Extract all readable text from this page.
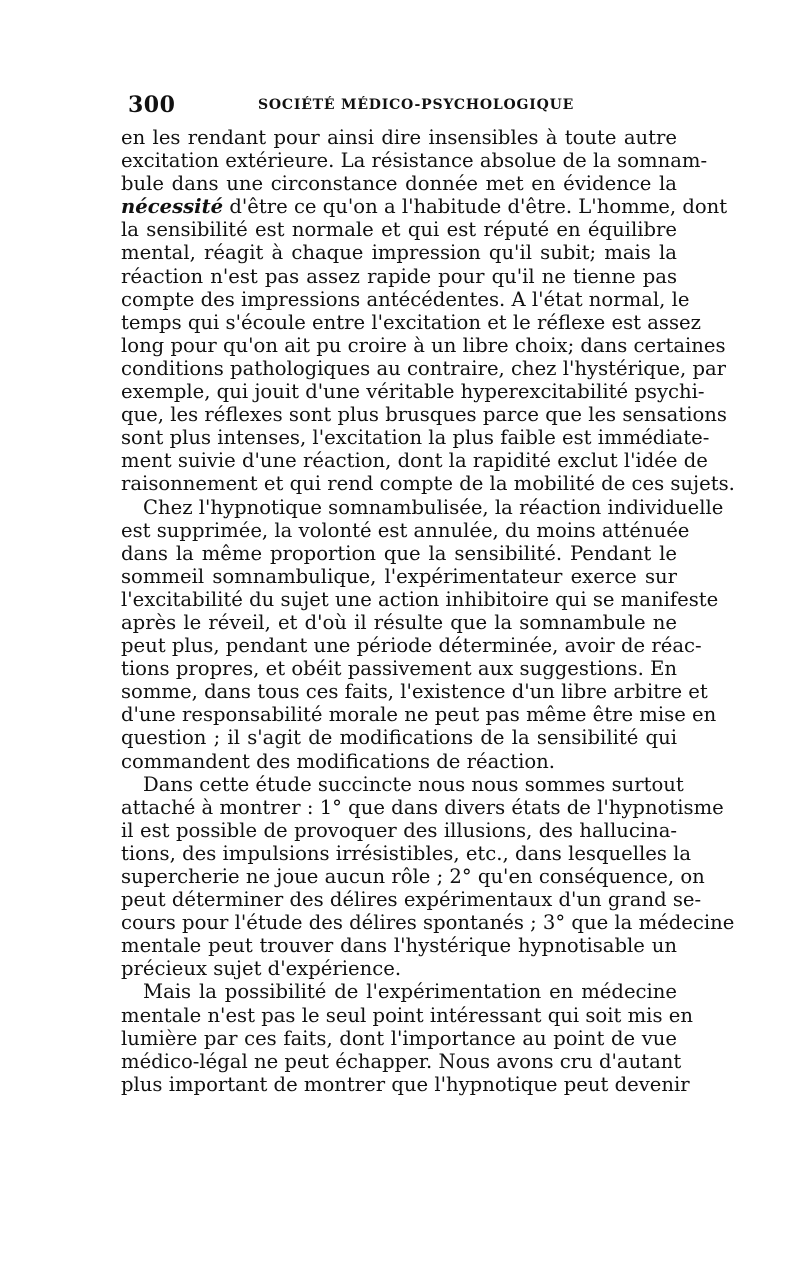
300	SOCIÉTÉ MÉDICO-PSYCHOLOGIQUE
en les rendant pour ainsi dire insensibles à toute autre
excitation extérieure. La résistance absolue de la somnam-
bule dans une circonstance donnée met en évidence la
nécessité d'être ce qu'on a l'habitude d'être. L'homme, dont
la sensibilité est normale et qui est réputé en équilibre
mental, réagit à chaque impression qu'il subit; mais la
réaction n'est pas assez rapide pour qu'il ne tienne pas
compte des impressions antécédentes. A l'état normal, le
temps qui s'écoule entre l'excitation et le réflexe est assez
long pour qu'on ait pu croire à un libre choix; dans certaines
conditions pathologiques au contraire, chez l'hystérique, par
exemple, qui jouit d'une véritable hyperexcitabilité psychi-
que, les réflexes sont plus brusques parce que les sensations
sont plus intenses, l'excitation la plus faible est immédiate-
ment suivie d'une réaction, dont la rapidité exclut l'idée de
raisonnement et qui rend compte de la mobilité de ces sujets.
Chez l'hypnotique somnambulisée, la réaction individuelle
est supprimée, la volonté est annulée, du moins atténuée
dans la même proportion que la sensibilité. Pendant le
sommeil somnambulique, l'expérimentateur exerce sur
l'excitabilité du sujet une action inhibitoire qui se manifeste
après le réveil, et d'où il résulte que la somnambule ne
peut plus, pendant une période déterminée, avoir de réac-
tions propres, et obéit passivement aux suggestions. En
somme, dans tous ces faits, l'existence d'un libre arbitre et
d'une responsabilité morale ne peut pas même être mise en
question ; il s'agit de modifications de la sensibilité qui
commandent des modifications de réaction.
Dans cette étude succincte nous nous sommes surtout
attaché à montrer : 1° que dans divers états de l'hypnotisme
il est possible de provoquer des illusions, des hallucina-
tions, des impulsions irrésistibles, etc., dans lesquelles la
supercherie ne joue aucun rôle ; 2° qu'en conséquence, on
peut déterminer des délires expérimentaux d'un grand se-
cours pour l'étude des délires spontanés ; 3° que la médecine
mentale peut trouver dans l'hystérique hypnotisable un
précieux sujet d'expérience.
Mais la possibilité de l'expérimentation en médecine
mentale n'est pas le seul point intéressant qui soit mis en
lumière par ces faits, dont l'importance au point de vue
médico-légal ne peut échapper. Nous avons cru d'autant
plus important de montrer que l'hypnotique peut devenir
